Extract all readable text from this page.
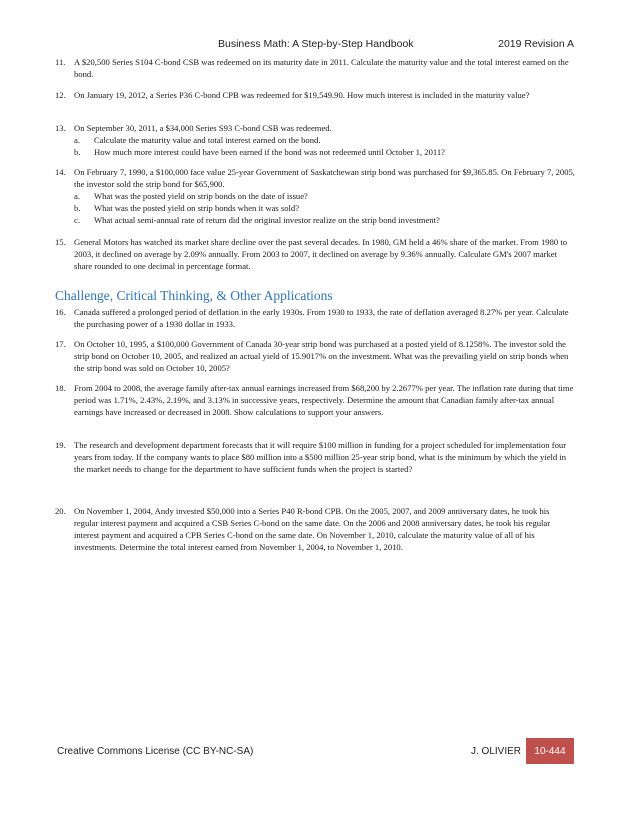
Business Math: A Step-by-Step Handbook	2019 Revision A
11. A $20,500 Series S104 C-bond CSB was redeemed on its maturity date in 2011. Calculate the maturity value and the total interest earned on the bond.
12. On January 19, 2012, a Series P36 C-bond CPB was redeemed for $19,549.90. How much interest is included in the maturity value?
13. On September 30, 2011, a $34,000 Series S93 C-bond CSB was redeemed.
a. Calculate the maturity value and total interest earned on the bond.
b. How much more interest could have been earned if the bond was not redeemed until October 1, 2011?
14. On February 7, 1990, a $100,000 face value 25-year Government of Saskatchewan strip bond was purchased for $9,365.85. On February 7, 2005, the investor sold the strip bond for $65,900.
a. What was the posted yield on strip bonds on the date of issue?
b. What was the posted yield on strip bonds when it was sold?
c. What actual semi-annual rate of return did the original investor realize on the strip bond investment?
15. General Motors has watched its market share decline over the past several decades. In 1980, GM held a 46% share of the market. From 1980 to 2003, it declined on average by 2.09% annually. From 2003 to 2007, it declined on average by 9.36% annually. Calculate GM's 2007 market share rounded to one decimal in percentage format.
Challenge, Critical Thinking, & Other Applications
16. Canada suffered a prolonged period of deflation in the early 1930s. From 1930 to 1933, the rate of deflation averaged 8.27% per year. Calculate the purchasing power of a 1930 dollar in 1933.
17. On October 10, 1995, a $100,000 Government of Canada 30-year strip bond was purchased at a posted yield of 8.1258%. The investor sold the strip bond on October 10, 2005, and realized an actual yield of 15.9017% on the investment. What was the prevailing yield on strip bonds when the strip bond was sold on October 10, 2005?
18. From 2004 to 2008, the average family after-tax annual earnings increased from $68,200 by 2.2677% per year. The inflation rate during that time period was 1.71%, 2.43%, 2.19%, and 3.13% in successive years, respectively. Determine the amount that Canadian family after-tax annual earnings have increased or decreased in 2008. Show calculations to support your answers.
19. The research and development department forecasts that it will require $100 million in funding for a project scheduled for implementation four years from today. If the company wants to place $80 million into a $500 million 25-year strip bond, what is the minimum by which the yield in the market needs to change for the department to have sufficient funds when the project is started?
20. On November 1, 2004, Andy invested $50,000 into a Series P40 R-bond CPB. On the 2005, 2007, and 2009 anniversary dates, he took his regular interest payment and acquired a CSB Series C-bond on the same date. On the 2006 and 2008 anniversary dates, he took his regular interest payment and acquired a CPB Series C-bond on the same date. On November 1, 2010, calculate the maturity value of all of his investments. Determine the total interest earned from November 1, 2004, to November 1, 2010.
Creative Commons License (CC BY-NC-SA)	J. OLIVIER	10-444
